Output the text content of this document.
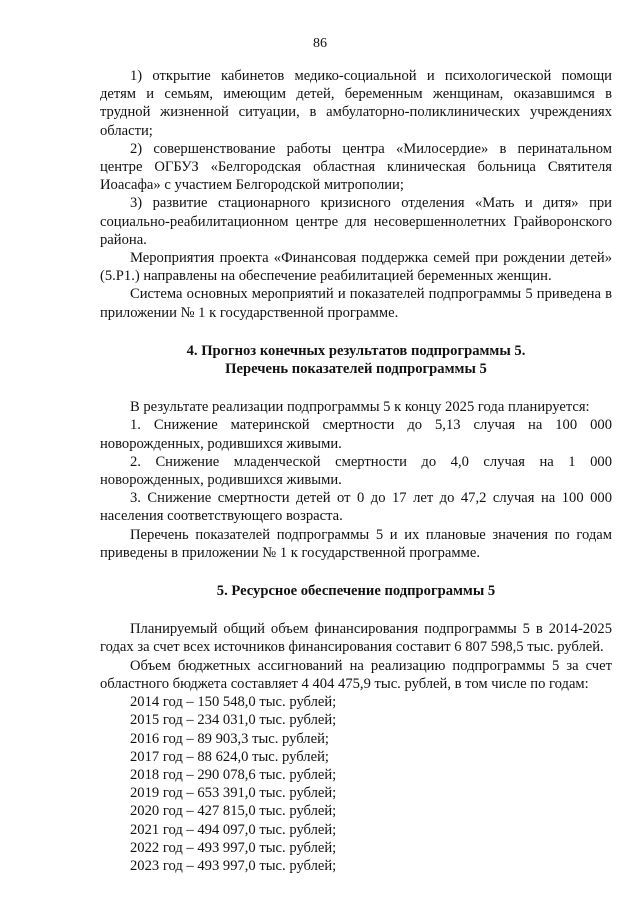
86

1) открытие кабинетов медико-социальной и психологической помощи детям и семьям, имеющим детей, беременным женщинам, оказавшимся в трудной жизненной ситуации, в амбулаторно-поликлинических учреждениях области;

2) совершенствование работы центра «Милосердие» в перинатальном центре ОГБУЗ «Белгородская областная клиническая больница Святителя Иоасафа» с участием Белгородской митрополии;

3) развитие стационарного кризисного отделения «Мать и дитя» при социально-реабилитационном центре для несовершеннолетних Грайворонского района.

Мероприятия проекта «Финансовая поддержка семей при рождении детей» (5.Р1.) направлены на обеспечение реабилитацией беременных женщин.

Система основных мероприятий и показателей подпрограммы 5 приведена в приложении № 1 к государственной программе.

4. Прогноз конечных результатов подпрограммы 5.
Перечень показателей подпрограммы 5

В результате реализации подпрограммы 5 к концу 2025 года планируется:

1. Снижение материнской смертности до 5,13 случая на 100 000 новорожденных, родившихся живыми.

2. Снижение младенческой смертности до 4,0 случая на 1 000 новорожденных, родившихся живыми.

3. Снижение смертности детей от 0 до 17 лет до 47,2 случая на 100 000 населения соответствующего возраста.

Перечень показателей подпрограммы 5 и их плановые значения по годам приведены в приложении № 1 к государственной программе.

5. Ресурсное обеспечение подпрограммы 5

Планируемый общий объем финансирования подпрограммы 5 в 2014-2025 годах за счет всех источников финансирования составит 6 807 598,5 тыс. рублей.

Объем бюджетных ассигнований на реализацию подпрограммы 5 за счет областного бюджета составляет 4 404 475,9 тыс. рублей, в том числе по годам:

2014 год – 150 548,0 тыс. рублей;
2015 год – 234 031,0 тыс. рублей;
2016 год – 89 903,3 тыс. рублей;
2017 год – 88 624,0 тыс. рублей;
2018 год – 290 078,6 тыс. рублей;
2019 год – 653 391,0 тыс. рублей;
2020 год – 427 815,0 тыс. рублей;
2021 год – 494 097,0 тыс. рублей;
2022 год – 493 997,0 тыс. рублей;
2023 год – 493 997,0 тыс. рублей;
